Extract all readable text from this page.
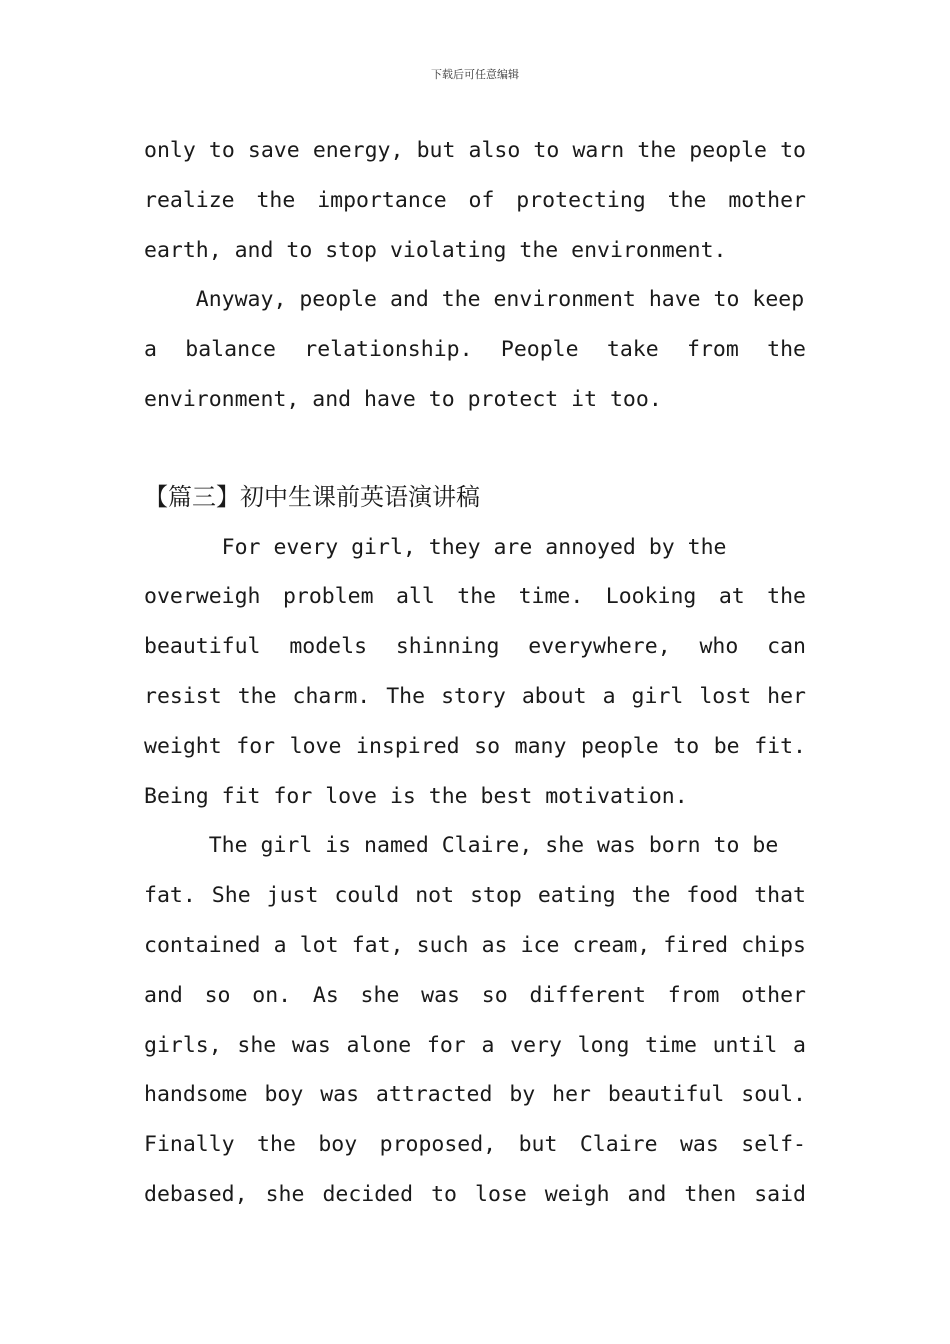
下载后可任意编辑
only to save energy, but also to warn the people to
realize the importance of protecting the mother
earth, and to stop violating the environment.
Anyway, people and the environment have to keep
a balance relationship. People take from the
environment, and have to protect it too.
【篇三】初中生课前英语演讲稿
For every girl, they are annoyed by the
overweigh problem all the time. Looking at the
beautiful models shinning everywhere, who can
resist the charm. The story about a girl lost her
weight for love inspired so many people to be fit.
Being fit for love is the best motivation.
The girl is named Claire, she was born to be
fat. She just could not stop eating the food that
contained a lot fat, such as ice cream, fired chips
and so on. As she was so different from other
girls, she was alone for a very long time until a
handsome boy was attracted by her beautiful soul.
Finally the boy proposed, but Claire was self-
debased, she decided to lose weigh and then said
